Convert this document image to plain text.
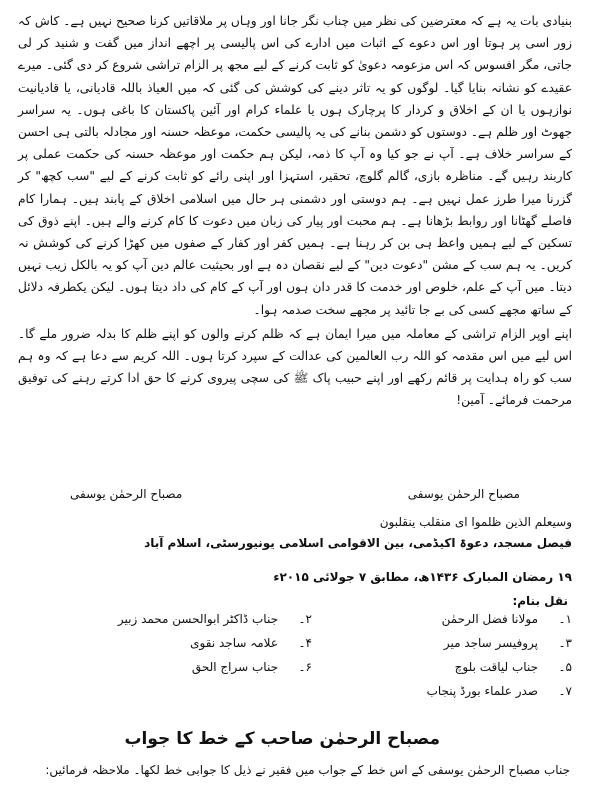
بنیادی بات یہ ہے کہ معترضین کی نظر میں چناب نگر جانا اور وہاں پر ملاقاتیں کرنا صحیح نہیں ہے۔ کاش کہ زور اسی پر ہوتا اور اس دعوے کے اثبات میں ادارے کی اس پالیسی پر اچھے انداز میں گفت و شنید کر لی جاتی، مگر افسوس کہ اس مزعومہ دعویٰ کو ثابت کرنے کے لیے مجھ پر الزام تراشی شروع کر دی گئی۔ میرے عقیدے کو نشانہ بنایا گیا۔ لوگوں کو یہ تاثر دینے کی کوشش کی گئی کہ میں العیاذ باللہ قادیانی، یا قادیانیت نوازہوں یا ان کے اخلاق و کردار کا پرچارک ہوں یا علماء کرام اور آئین پاکستان کا باغی ہوں۔ یہ سراسر جھوٹ اور ظلم ہے۔ دوستوں کو دشمن بنانے کی یہ پالیسی حکمت، موعظہ حسنہ اور مجادلہ بالتی ہی احسن کے سراسر خلاف ہے۔ آپ نے جو کیا وہ آپ کا ذمہ، لیکن ہم حکمت اور موعظہ حسنہ کی حکمت عملی پر کاربند رہیں گے۔ مناظرہ بازی، گالم گلوچ، تحقیر، استہزا اور اپنی رائے کو ثابت کرنے کے لیے "سب کچھ" کر گزرنا میرا طرز عمل نہیں ہے۔ ہم دوستی اور دشمنی ہر حال میں اسلامی اخلاق کے پابند ہیں۔ ہمارا کام فاصلے گھٹانا اور روابط بڑھانا ہے۔ ہم محبت اور پیار کی زبان میں دعوت کا کام کرنے والے ہیں۔ اپنے ذوق کی تسکین کے لیے ہمیں واعظ ہی بن کر رہنا ہے۔ ہمیں کفر اور کفار کے صفوں میں کھڑا کرنے کی کوشش نہ کریں۔ یہ ہم سب کے مشن "دعوت دین" کے لیے نقصان دہ ہے اور بحیثیت عالم دین آپ کو یہ بالکل زیب نہیں دیتا۔ میں آپ کے علم، خلوص اور خدمت کا قدر دان ہوں اور آپ کے کام کی داد دیتا ہوں۔ لیکن یکطرفہ دلائل کے ساتھ مجھے کسی کی بے جا تائید پر مجھے سخت صدمہ ہوا۔

اپنے اوپر الزام تراشی کے معاملہ میں میرا ایمان ہے کہ ظلم کرنے والوں کو اپنے ظلم کا بدلہ ضرور ملے گا۔ اس لیے میں اس مقدمہ کو اللہ رب العالمین کی عدالت کے سپرد کرتا ہوں۔ اللہ کریم سے دعا ہے کہ وہ ہم سب کو راہ ہدایت پر قائم رکھے اور اپنے حبیب پاک ﷺ کی سچی پیروی کرنے کا حق ادا کرتے رہنے کی توفیق مرحمت فرمائے۔ آمین!

مصباح الرحمٰن یوسفی
مصباح الرحمٰن یوسفی
وسیعلم الذین ظلموا ای منقلب ینقلبون
فیصل مسجد، دعوۃ اکیڈمی، بین الاقوامی اسلامی یونیورسٹی، اسلام آباد
۱۹ رمضان المبارک ۱۴۳۶ھ، مطابق ۷ جولائی ۲۰۱۵ء
نقل بنام:
۱۔
مولانا فضل الرحمٰن
۲۔
جناب ڈاکٹر ابوالحسن محمد زبیر
۳۔
پروفیسر ساجد میر
۴۔
علامہ ساجد نقوی
۵۔
جناب لیاقت بلوچ
۶۔
جناب سراج الحق
۷۔
صدر علماء بورڈ پنجاب
مصباح الرحمٰن صاحب کے خط کا جواب
جناب مصباح الرحمٰن یوسفی کے اس خط کے جواب میں فقیر نے ذیل کا جوابی خط لکھا۔ ملاحظہ فرمائیں:
